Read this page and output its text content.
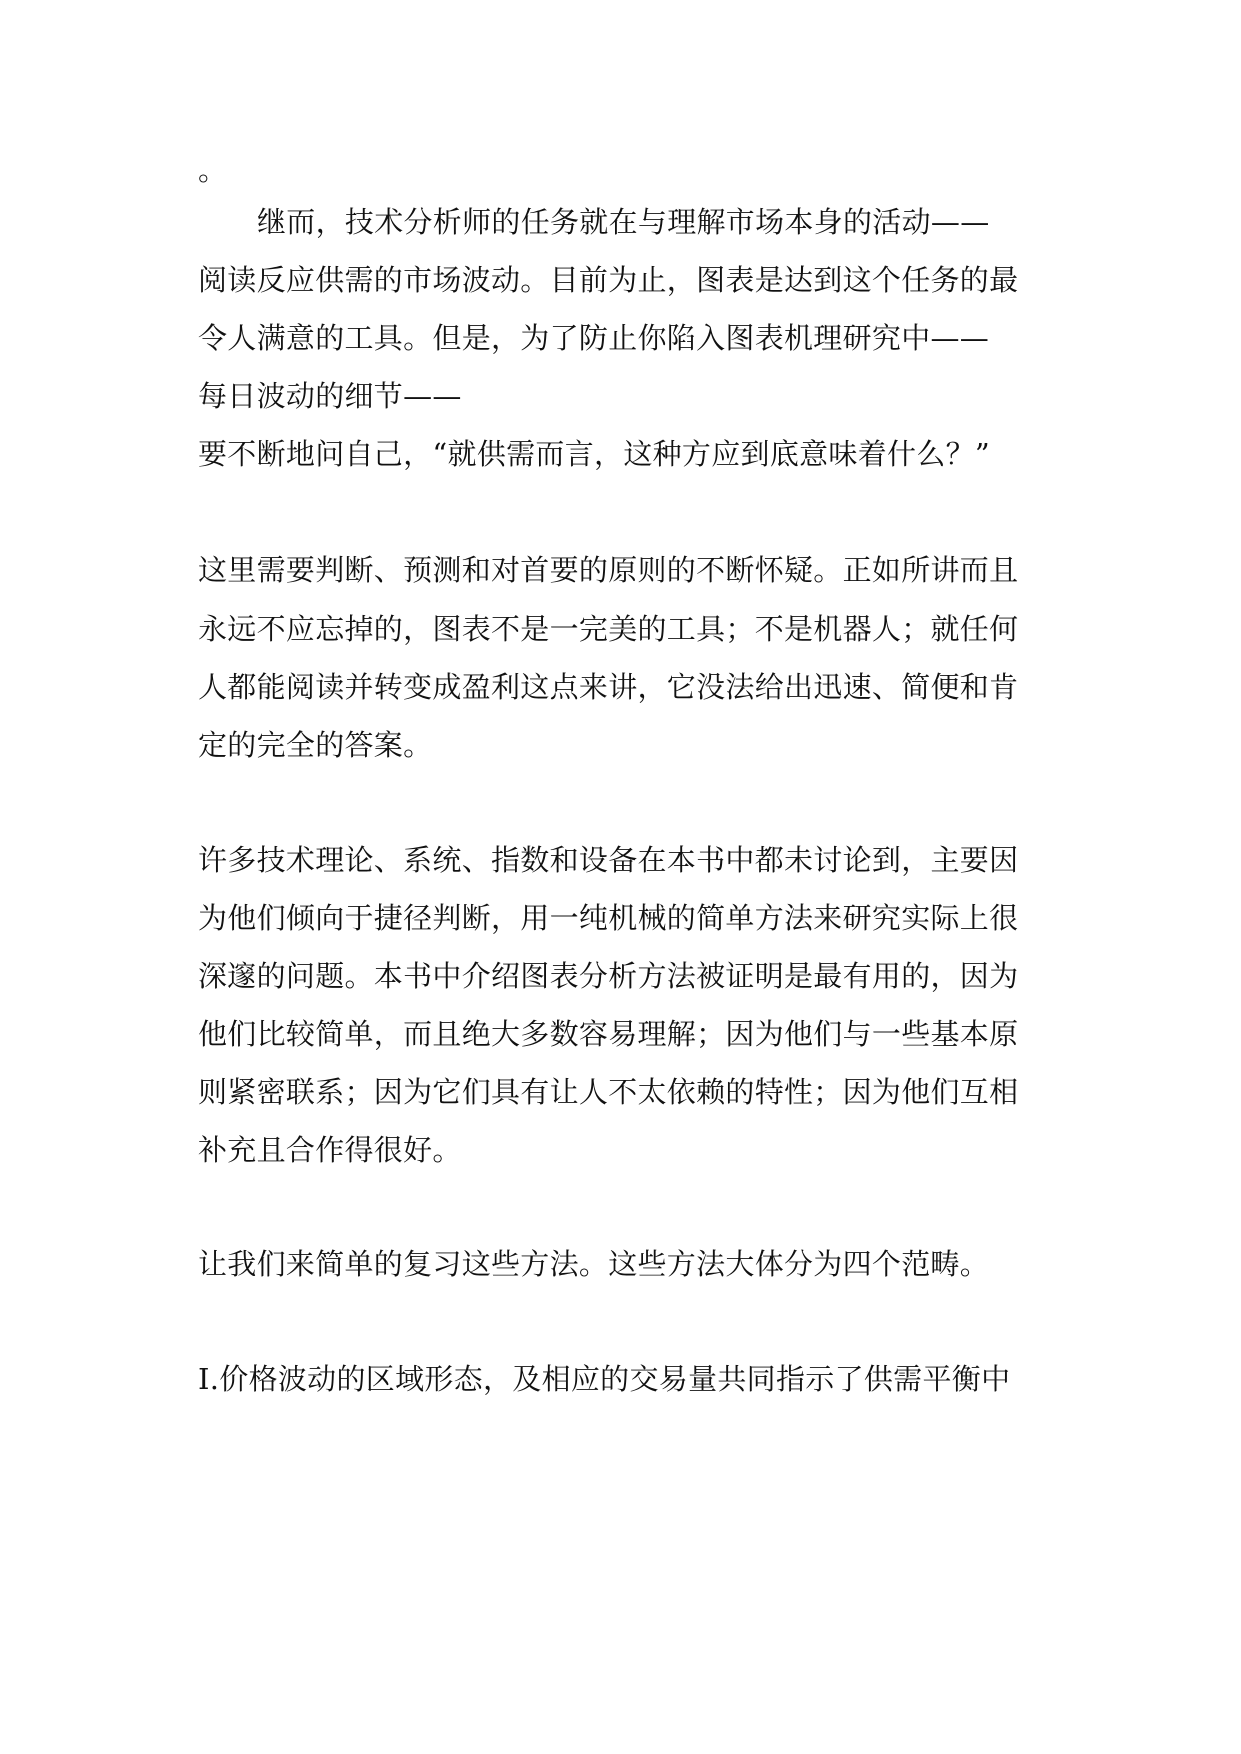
。
继而，技术分析师的任务就在与理解市场本身的活动——
阅读反应供需的市场波动。目前为止，图表是达到这个任务的最
令人满意的工具。但是，为了防止你陷入图表机理研究中——
每日波动的细节——
要不断地问自己，“就供需而言，这种方应到底意味着什么？”
这里需要判断、预测和对首要的原则的不断怀疑。正如所讲而且
永远不应忘掉的，图表不是一完美的工具；不是机器人；就任何
人都能阅读并转变成盈利这点来讲，它没法给出迅速、简便和肯
定的完全的答案。
许多技术理论、系统、指数和设备在本书中都未讨论到，主要因
为他们倾向于捷径判断，用一纯机械的简单方法来研究实际上很
深邃的问题。本书中介绍图表分析方法被证明是最有用的，因为
他们比较简单，而且绝大多数容易理解；因为他们与一些基本原
则紧密联系；因为它们具有让人不太依赖的特性；因为他们互相
补充且合作得很好。
让我们来简单的复习这些方法。这些方法大体分为四个范畴。
Ⅰ.价格波动的区域形态，及相应的交易量共同指示了供需平衡中
